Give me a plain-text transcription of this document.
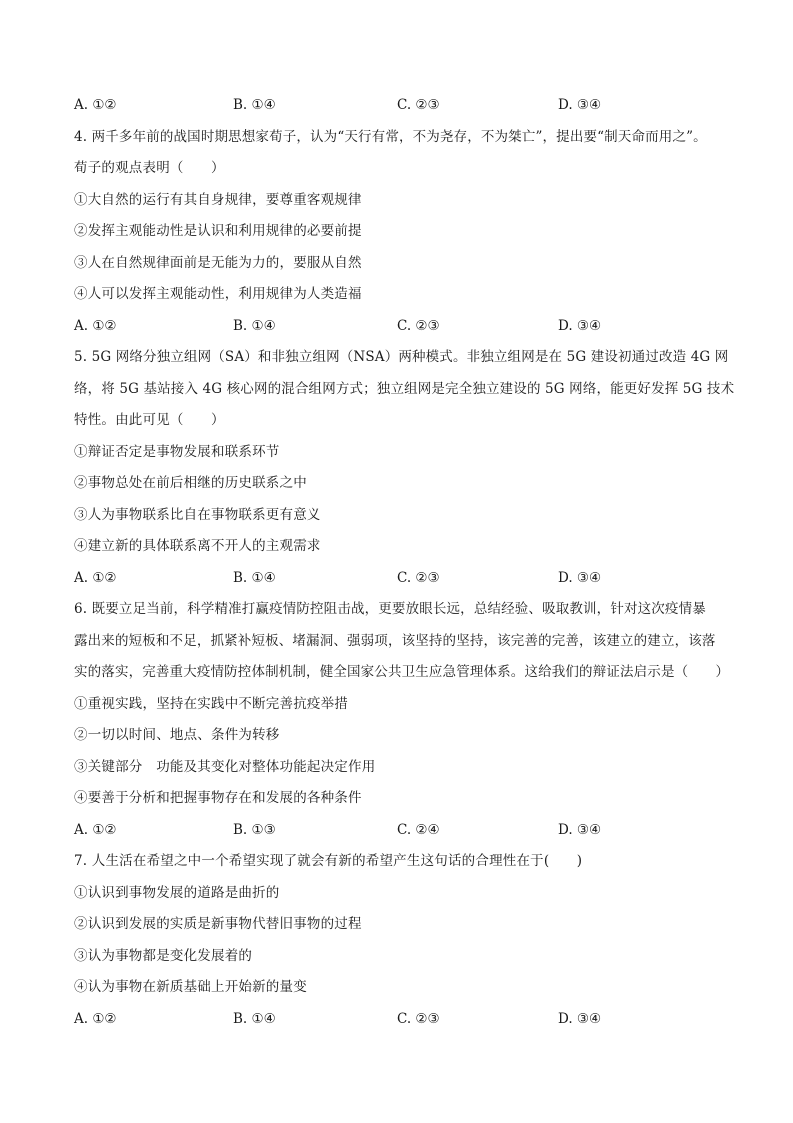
A. ①②	B. ①④	C. ②③	D. ③④
4. 两千多年前的战国时期思想家荀子，认为“天行有常，不为尧存，不为桀亡”，提出要“制天命而用之”。
荀子的观点表明（　　）
①大自然的运行有其自身规律，要尊重客观规律
②发挥主观能动性是认识和利用规律的必要前提
③人在自然规律面前是无能为力的，要服从自然
④人可以发挥主观能动性，利用规律为人类造福
A. ①②	B. ①④	C. ②③	D. ③④
5. 5G 网络分独立组网（SA）和非独立组网（NSA）两种模式。非独立组网是在 5G 建设初通过改造 4G 网
络，将 5G 基站接入 4G 核心网的混合组网方式；独立组网是完全独立建设的 5G 网络，能更好发挥 5G 技术
特性。由此可见（　　）
①辩证否定是事物发展和联系环节
②事物总处在前后相继的历史联系之中
③人为事物联系比自在事物联系更有意义
④建立新的具体联系离不开人的主观需求
A. ①②	B. ①④	C. ②③	D. ③④
6. 既要立足当前，科学精准打赢疫情防控阻击战，更要放眼长远，总结经验、吸取教训，针对这次疫情暴
露出来的短板和不足，抓紧补短板、堵漏洞、强弱项，该坚持的坚持，该完善的完善，该建立的建立，该落
实的落实，完善重大疫情防控体制机制，健全国家公共卫生应急管理体系。这给我们的辩证法启示是（　　）
①重视实践，坚持在实践中不断完善抗疫举措
②一切以时间、地点、条件为转移
③关键部分　功能及其变化对整体功能起决定作用
④要善于分析和把握事物存在和发展的各种条件
A. ①②	B. ①③	C. ②④	D. ③④
7. 人生活在希望之中一个希望实现了就会有新的希望产生这句话的合理性在于(　　)
①认识到事物发展的道路是曲折的
②认识到发展的实质是新事物代替旧事物的过程
③认为事物都是变化发展着的
④认为事物在新质基础上开始新的量变
A. ①②	B. ①④	C. ②③	D. ③④
